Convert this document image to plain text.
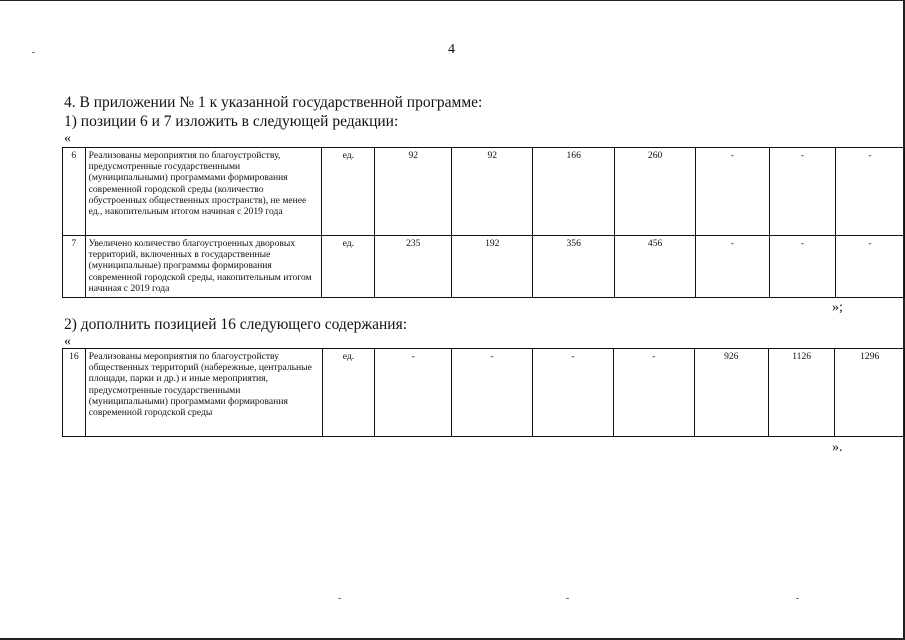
4
4. В приложении № 1 к указанной государственной программе:
1) позиции 6 и 7 изложить в следующей редакции:
«
6	Реализованы мероприятия по благоустройству, предусмотренные государственными (муниципальными) программами формирования современной городской среды (количество обустроенных общественных пространств), не менее ед., накопительным итогом начиная с 2019 года	ед.	92	92	166	260	-	-	-
7	Увеличено количество благоустроенных дворовых территорий, включенных в государственные (муниципальные) программы формирования современной городской среды, накопительным итогом начиная с 2019 года	ед.	235	192	356	456	-	-	-
»;
2) дополнить позицией 16 следующего содержания:
«
16	Реализованы мероприятия по благоустройству общественных территорий (набережные, центральные площади, парки и др.) и иные мероприятия, предусмотренные государственными (муниципальными) программами формирования современной городской среды	ед.	-	-	-	-	926	1126	1296
».
